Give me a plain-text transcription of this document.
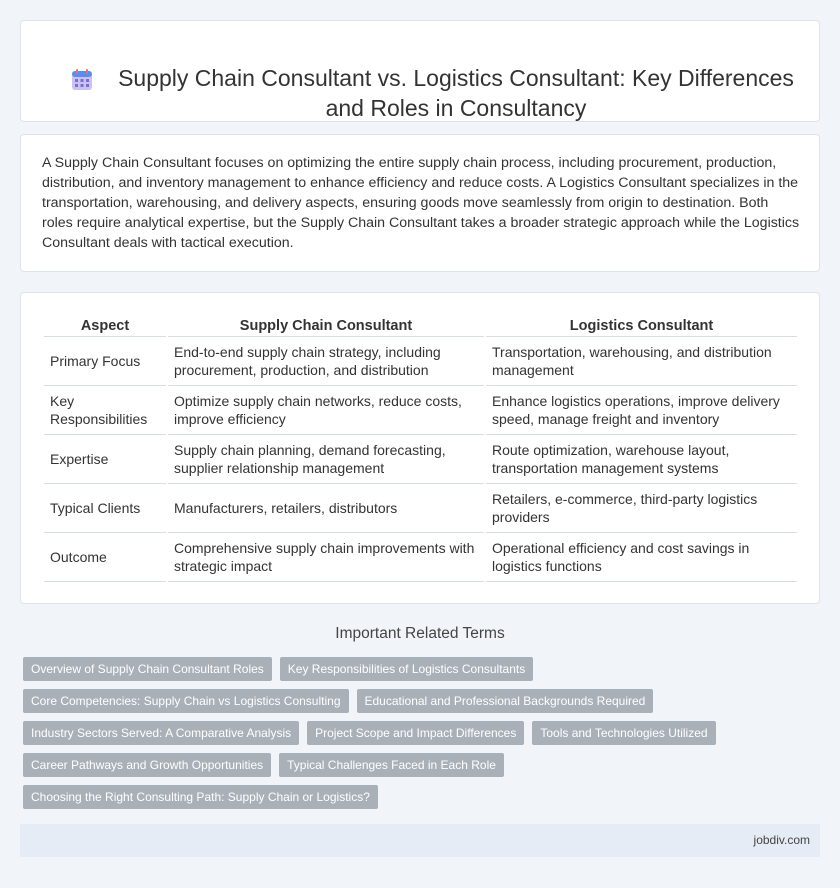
Supply Chain Consultant vs. Logistics Consultant: Key Differences and Roles in Consultancy

A Supply Chain Consultant focuses on optimizing the entire supply chain process, including procurement, production, distribution, and inventory management to enhance efficiency and reduce costs. A Logistics Consultant specializes in the transportation, warehousing, and delivery aspects, ensuring goods move seamlessly from origin to destination. Both roles require analytical expertise, but the Supply Chain Consultant takes a broader strategic approach while the Logistics Consultant deals with tactical execution.

Aspect	Supply Chain Consultant	Logistics Consultant
Primary Focus	End-to-end supply chain strategy, including procurement, production, and distribution	Transportation, warehousing, and distribution management
Key Responsibilities	Optimize supply chain networks, reduce costs, improve efficiency	Enhance logistics operations, improve delivery speed, manage freight and inventory
Expertise	Supply chain planning, demand forecasting, supplier relationship management	Route optimization, warehouse layout, transportation management systems
Typical Clients	Manufacturers, retailers, distributors	Retailers, e-commerce, third-party logistics providers
Outcome	Comprehensive supply chain improvements with strategic impact	Operational efficiency and cost savings in logistics functions
Important Related Terms
Overview of Supply Chain Consultant Roles	Key Responsibilities of Logistics Consultants
Core Competencies: Supply Chain vs Logistics Consulting	Educational and Professional Backgrounds Required
Industry Sectors Served: A Comparative Analysis	Project Scope and Impact Differences	Tools and Technologies Utilized
Career Pathways and Growth Opportunities	Typical Challenges Faced in Each Role
Choosing the Right Consulting Path: Supply Chain or Logistics?
jobdiv.com
